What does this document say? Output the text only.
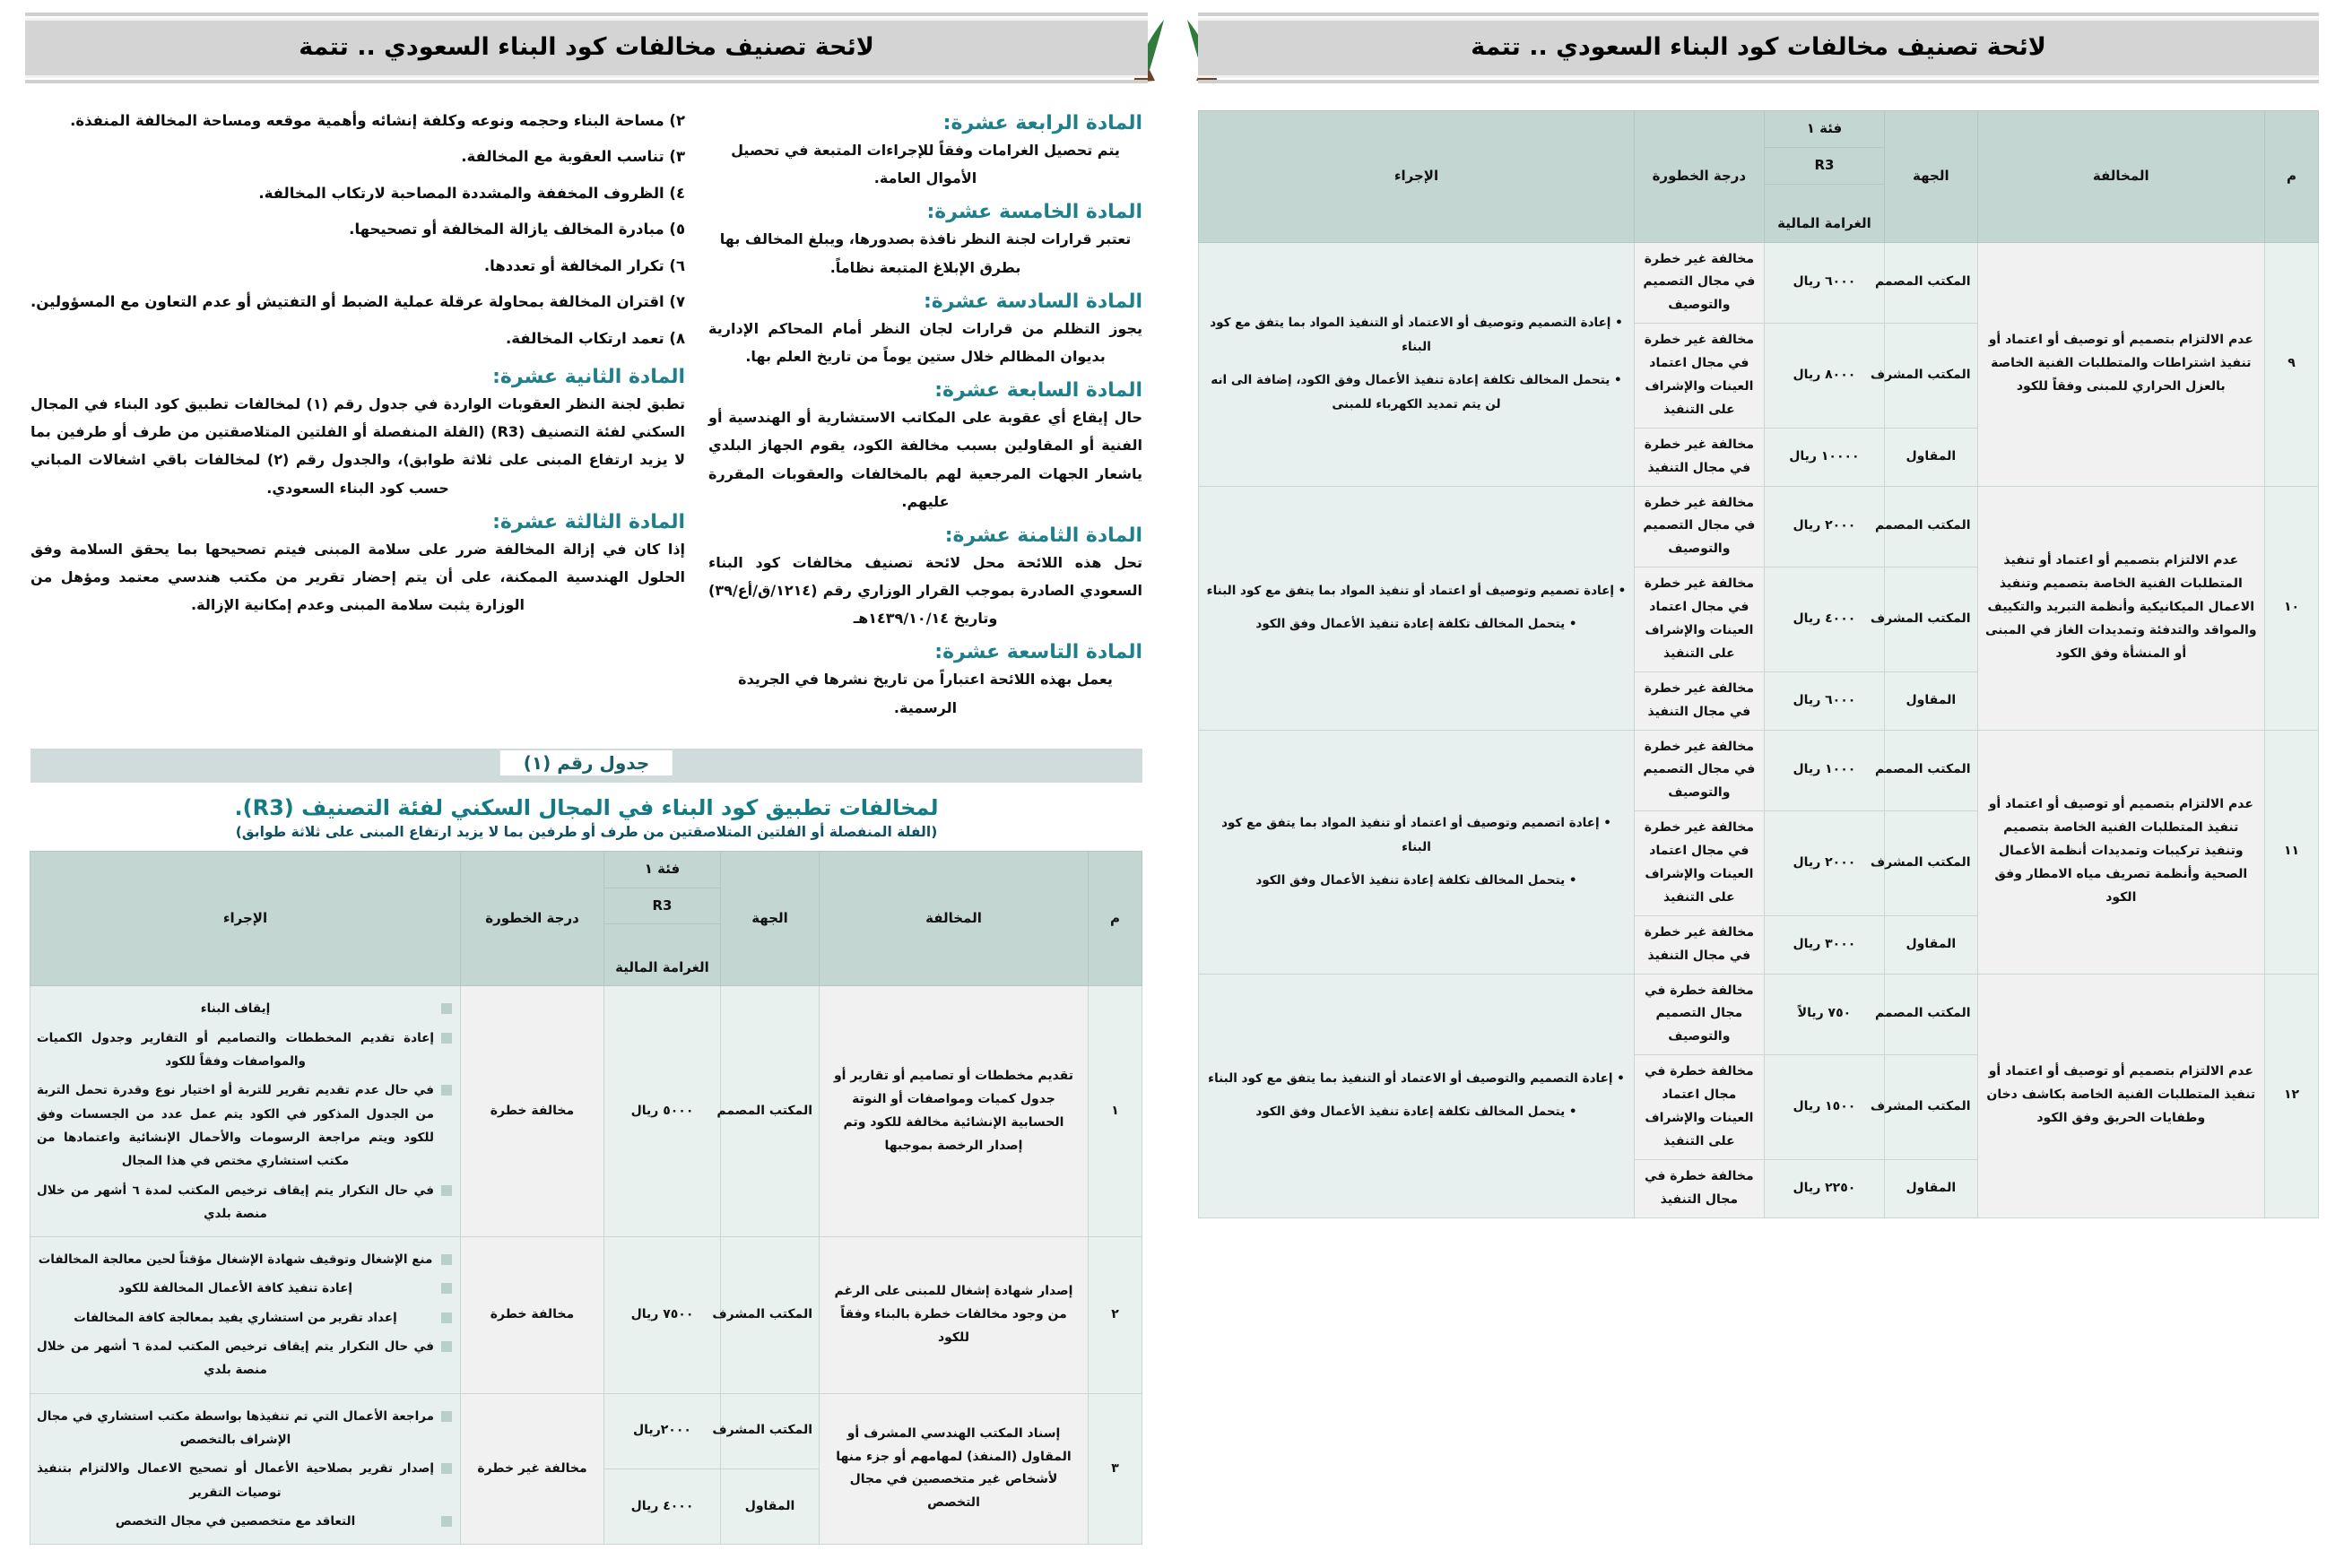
لائحة تصنيف مخالفات كود البناء السعودي .. تتمة
المادة الرابعة عشرة:
يتم تحصيل الغرامات وفقاً للإجراءات المتبعة في تحصيل الأموال العامة.
المادة الخامسة عشرة:
تعتبر قرارات لجنة النظر نافذة بصدورها، ويبلغ المخالف بها بطرق الإبلاغ المتبعة نظاماً.
المادة السادسة عشرة:
يجوز التظلم من قرارات لجان النظر أمام المحاكم الإدارية بديوان المظالم خلال ستين يوماً من تاريخ العلم بها.
المادة السابعة عشرة:
حال إيقاع أي عقوبة على المكاتب الاستشارية أو الهندسية أو الفنية أو المقاولين بسبب مخالفة الكود، يقوم الجهاز البلدي ياشعار الجهات المرجعية لهم بالمخالفات والعقوبات المقررة عليهم.
المادة الثامنة عشرة:
تحل هذه اللائحة محل لائحة تصنيف مخالفات كود البناء السعودي الصادرة بموجب القرار الوزاري رقم (١٢١٤/ق/أع/٣٩) وتاريخ ١٤٣٩/١٠/١٤هـ
المادة التاسعة عشرة:
يعمل بهذه اللائحة اعتباراً من تاريخ نشرها في الجريدة الرسمية.
٢) مساحة البناء وحجمه ونوعه وكلفة إنشائه وأهمية موقعه ومساحة المخالفة المنفذة.
٣) تناسب العقوبة مع المخالفة.
٤) الظروف المخففة والمشددة المصاحبة لارتكاب المخالفة.
٥) مبادرة المخالف يازالة المخالفة أو تصحيحها.
٦) تكرار المخالفة أو تعددها.
٧) اقتران المخالفة بمحاولة عرقلة عملية الضبط أو التفتيش أو عدم التعاون مع المسؤولين.
٨) تعمد ارتكاب المخالفة.
المادة الثانية عشرة:
تطبق لجنة النظر العقوبات الواردة في جدول رقم (١) لمخالفات تطبيق كود البناء في المجال السكني لفئة التصنيف (R3) (الفلة المنفصلة أو الفلتين المتلاصقتين من طرف أو طرفين بما لا يزيد ارتفاع المبنى على ثلاثة طوابق)، والجدول رقم (٢) لمخالفات باقي اشغالات المباني حسب كود البناء السعودي.
المادة الثالثة عشرة:
إذا كان في إزالة المخالفة ضرر على سلامة المبنى فيتم تصحيحها بما يحقق السلامة وفق الحلول الهندسية الممكنة، على أن يتم إحضار تقرير من مكتب هندسي معتمد ومؤهل من الوزارة يثبت سلامة المبنى وعدم إمكانية الإزالة.
جدول رقم (١)
لمخالفات تطبيق كود البناء في المجال السكني لفئة التصنيف (R3).
(الفلة المنفصلة أو الفلتين المتلاصقتين من طرف أو طرفين بما لا يزيد ارتفاع المبنى على ثلاثة طوابق)
م	المخالفة	الجهة	فئة ١	درجة الخطورة	الإجراء
			R3		
			الغرامة المالية		
١	تقديم مخططات أو تصاميم أو تقارير أو جدول كميات ومواصفات أو النوتة الحسابية الإنشائية مخالفة للكود وتم إصدار الرخصة بموجبها	المكتب المصمم	٥٠٠٠ ريال	مخالفة خطرة	
إيقاف البناء
إعادة تقديم المخططات والتصاميم أو التقارير وجدول الكميات والمواصفات وفقاً للكود
في حال عدم تقديم تقرير للتربة أو اختيار نوع وقدرة تحمل التربة من الجدول المذكور في الكود يتم عمل عدد من الجسسات وفق للكود ويتم مراجعة الرسومات والأحمال الإنشائية واعتمادها من مكتب استشاري مختص في هذا المجال
في حال التكرار يتم إيقاف ترخيص المكتب لمدة ٦ أشهر من خلال منصة بلدي

٢	إصدار شهادة إشغال للمبنى على الرغم من وجود مخالفات خطرة بالبناء وفقاً للكود	المكتب المشرف	٧٥٠٠ ريال	مخالفة خطرة	
منع الإشغال وتوقيف شهادة الإشغال مؤقتاً لحين معالجة المخالفات
إعادة تنفيذ كافة الأعمال المخالفة للكود
إعداد تقرير من استشاري يفيد بمعالجة كافة المخالفات
في حال التكرار يتم إيقاف ترخيص المكتب لمدة ٦ أشهر من خلال منصة بلدي

٣	إسناد المكتب الهندسي المشرف أو المقاول (المنفذ) لمهامهم أو جزء منها لأشخاص غير متخصصين في مجال التخصص	المكتب المشرف	٢٠٠٠ريال	مخالفة غير خطرة	
مراجعة الأعمال التي تم تنفيذها بواسطة مكتب استشاري في مجال الإشراف بالتخصص
إصدار تقرير بصلاحية الأعمال أو تصحيح الاعمال والالتزام بتنفيذ توصيات التقرير
التعاقد مع متخصصين في مجال التخصص

		المقاول	٤٠٠٠ ريال		
لائحة تصنيف مخالفات كود البناء السعودي .. تتمة
م	المخالفة	الجهة	فئة ١	درجة الخطورة	الإجراء
			R3		
			الغرامة المالية		
٩	عدم الالتزام بتصميم أو توصيف أو اعتماد أو تنفيذ اشتراطات والمتطلبات الفنية الخاصة بالعزل الحراري للمبنى وفقاً للكود	المكتب المصمم	٦٠٠٠ ريال	مخالفة غير خطرة في مجال التصميم والتوصيف	
• إعادة التصميم وتوصيف أو الاعتماد أو التنفيذ المواد بما يتفق مع كود البناء
• يتحمل المخالف تكلفة إعادة تنفيذ الأعمال وفق الكود، إضافة الى انه لن يتم تمديد الكهرباء للمبنى

		المكتب المشرف	٨٠٠٠ ريال	مخالفة غير خطرة في مجال اعتماد العينات والإشراف على التنفيذ	
		المقاول	١٠٠٠٠ ريال	مخالفة غير خطرة في مجال التنفيذ	
١٠	عدم الالتزام بتصميم أو اعتماد أو تنفيذ المتطلبات الفنية الخاصة بتصميم وتنفيذ الاعمال الميكانيكية وأنظمة التبريد والتكييف والمواقد والتدفئة وتمديدات الغاز في المبنى أو المنشأة وفق الكود	المكتب المصمم	٢٠٠٠ ريال	مخالفة غير خطرة في مجال التصميم والتوصيف	
• إعادة تصميم وتوصيف أو اعتماد أو تنفيذ المواد بما يتفق مع كود البناء
• يتحمل المخالف تكلفة إعادة تنفيذ الأعمال وفق الكود

		المكتب المشرف	٤٠٠٠ ريال	مخالفة غير خطرة في مجال اعتماد العينات والإشراف على التنفيذ	
		المقاول	٦٠٠٠ ريال	مخالفة غير خطرة في مجال التنفيذ	
١١	عدم الالتزام بتصميم أو توصيف أو اعتماد أو تنفيذ المتطلبات الفنية الخاصة بتصميم وتنفيذ تركيبات وتمديدات أنظمة الأعمال الصحية وأنظمة تصريف مياه الامطار وفق الكود	المكتب المصمم	١٠٠٠ ريال	مخالفة غير خطرة في مجال التصميم والتوصيف	
• إعادة اتصميم وتوصيف أو اعتماد أو تنفيذ المواد بما يتفق مع كود البناء
• يتحمل المخالف تكلفة إعادة تنفيذ الأعمال وفق الكود

		المكتب المشرف	٢٠٠٠ ريال	مخالفة غير خطرة في مجال اعتماد العينات والإشراف على التنفيذ	
		المقاول	٣٠٠٠ ريال	مخالفة غير خطرة في مجال التنفيذ	
١٢	عدم الالتزام بتصميم أو توصيف أو اعتماد أو تنفيذ المتطلبات الفنية الخاصة بكاشف دخان وطفايات الحريق وفق الكود	المكتب المصمم	٧٥٠ ريالاً	مخالفة خطرة في مجال التصميم والتوصيف	
• إعادة التصميم والتوصيف أو الاعتماد أو التنفيذ بما يتفق مع كود البناء
• يتحمل المخالف تكلفة إعادة تنفيذ الأعمال وفق الكود

		المكتب المشرف	١٥٠٠ ريال	مخالفة خطرة في مجال اعتماد العينات والإشراف على التنفيذ	
		المقاول	٢٢٥٠ ريال	مخالفة خطرة في مجال التنفيذ	
